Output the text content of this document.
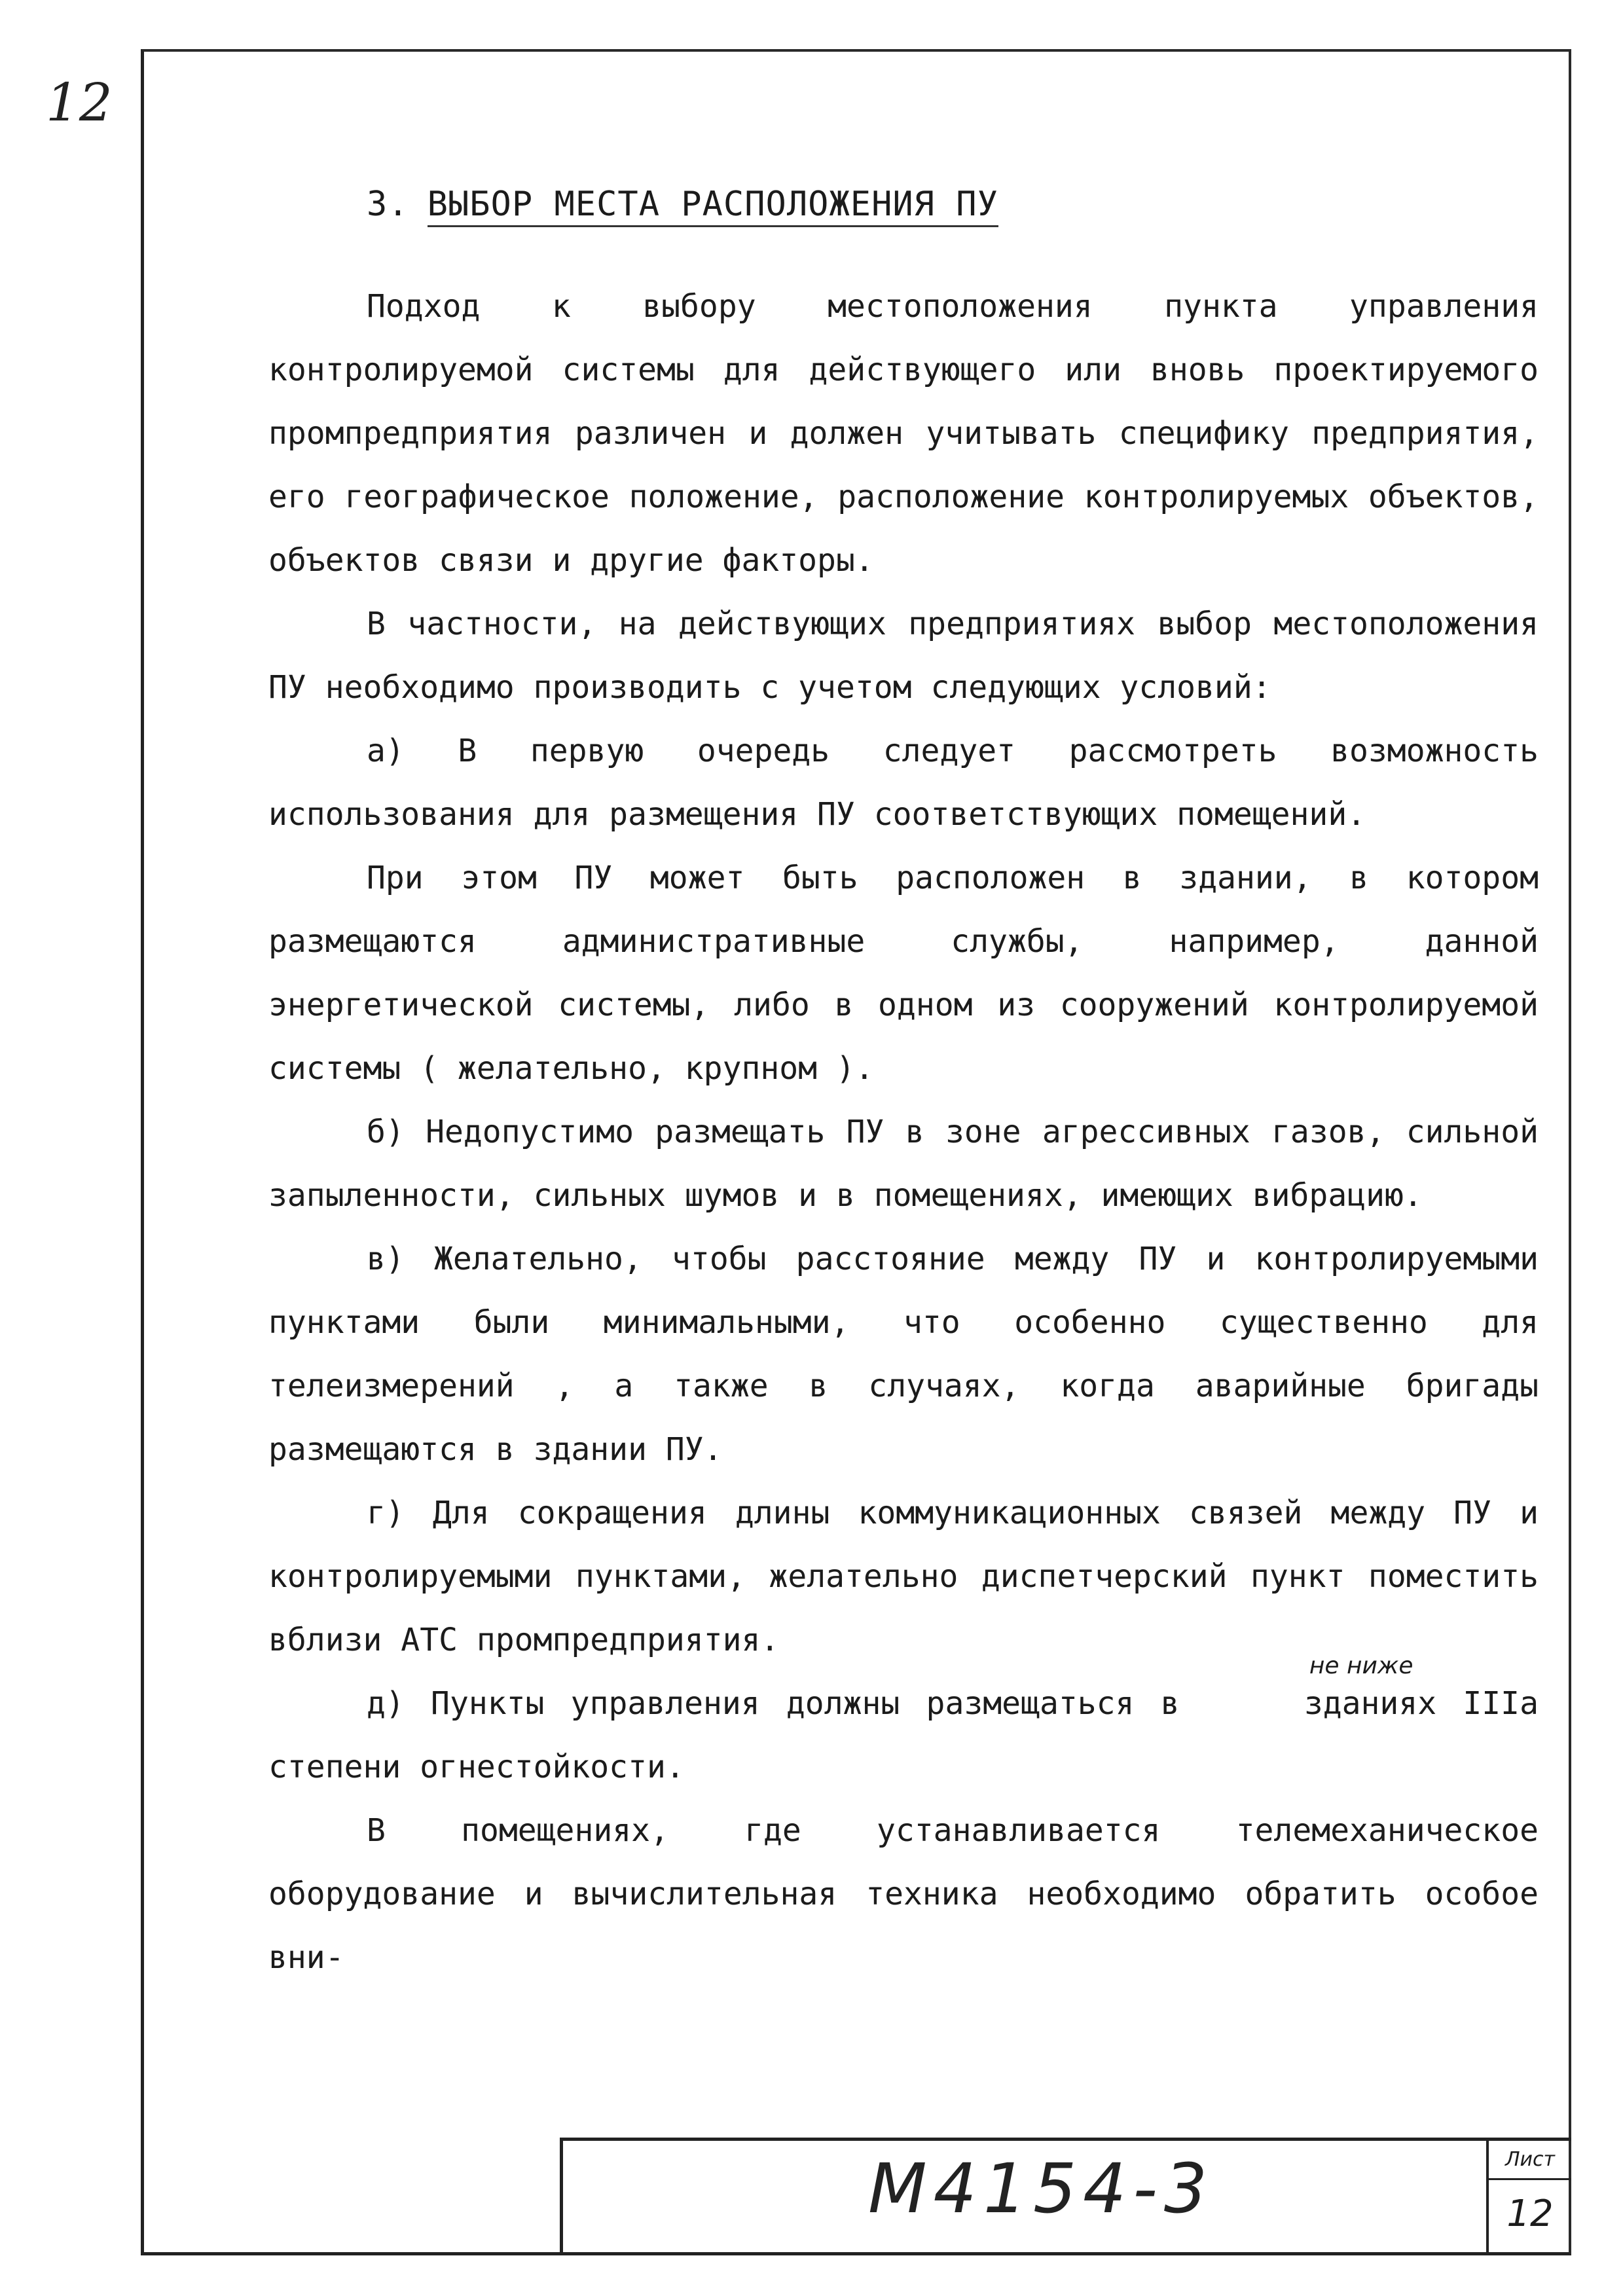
12
3. ВЫБОР МЕСТА РАСПОЛОЖЕНИЯ ПУ

Подход к выбору местоположения пункта управления контролируемой системы для действующего или вновь проектируемого промпредприятия различен и должен учитывать специфику предприятия, его географическое положение, расположение контролируемых объектов, объектов связи и другие факторы.

В частности, на действующих предприятиях выбор местоположения ПУ необходимо производить с учетом следующих условий:

а) В первую очередь следует рассмотреть возможность использования для размещения ПУ соответствующих помещений.

При этом ПУ может быть расположен в здании, в котором размещаются административные службы, например, данной энергетической системы, либо в одном из сооружений контролируемой системы ( желательно, крупном ).

б) Недопустимо размещать ПУ в зоне агрессивных газов, сильной запыленности, сильных шумов и в помещениях, имеющих вибрацию.

в) Желательно, чтобы расстояние между ПУ и контролируемыми пунктами были минимальными, что особенно существенно для телеизмерений , а также в случаях, когда аварийные бригады размещаются в здании ПУ.

г) Для сокращения длины коммуникационных связей между ПУ и контролируемыми пунктами, желательно диспетчерский пункт поместить вблизи АТС промпредприятия.

д) Пункты управления должны размещаться в
не ниже
зданиях IIIа степени огнестойкости.

В помещениях, где устанавливается телемеханическое оборудование и вычислительная техника необходимо обратить особое вни-

М4154-3	Лист
12
